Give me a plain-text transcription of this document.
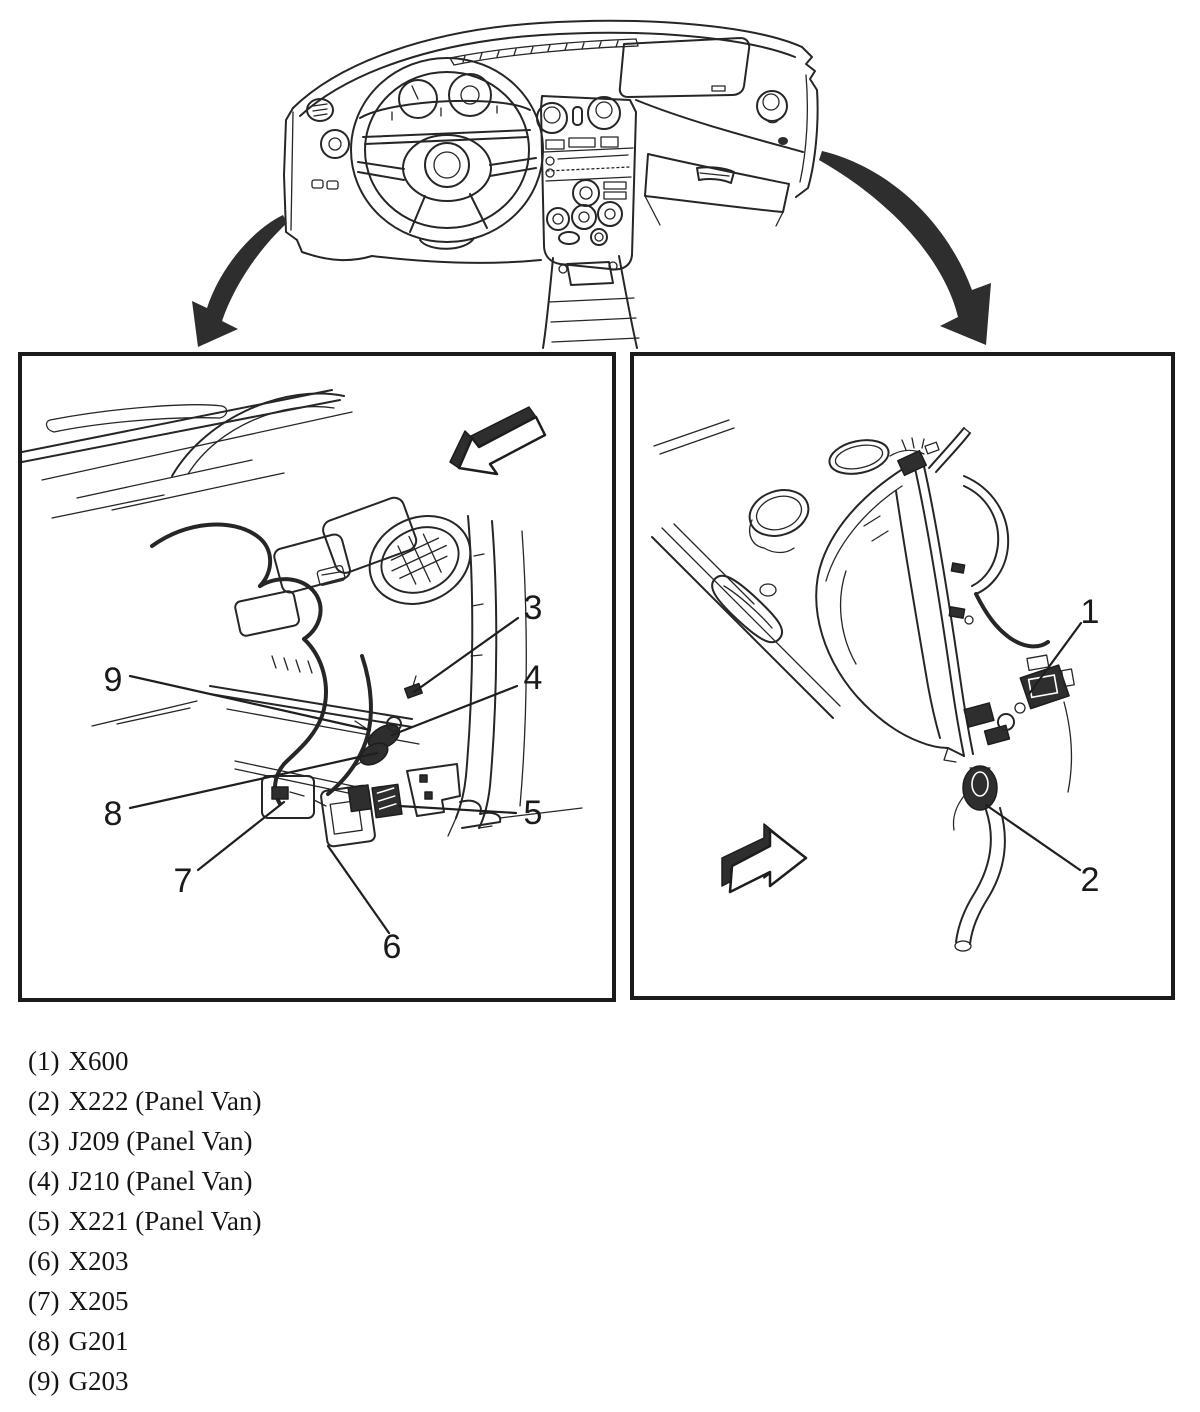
3
4
9
8	5
7
6
1
2
(1) X600
(2) X222 (Panel Van)
(3) J209 (Panel Van)
(4) J210 (Panel Van)
(5) X221 (Panel Van)
(6) X203
(7) X205
(8) G201
(9) G203
